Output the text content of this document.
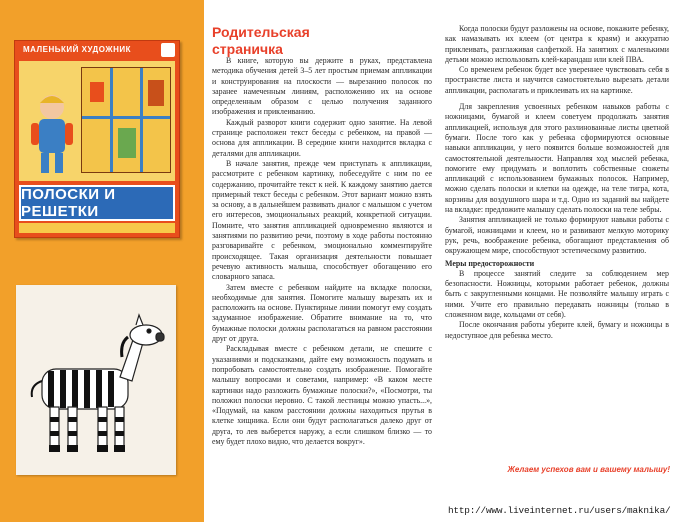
МАЛЕНЬКИЙ ХУДОЖНИК
ПОЛОСКИ И РЕШЕТКИ
Родительская
страничка

В книге, которую вы держите в руках, представлена методика обучения детей 3–5 лет простым приемам аппликации и конструирования на плоскости — вырезанию полосок по заранее намеченным линиям, расположению их на основе определенным образом с целью получения заданного изображения и приклеиванию.

Каждый разворот книги содержит одно занятие. На левой странице расположен текст беседы с ребенком, на правой — основа для аппликации. В середине книги находится вкладка с деталями для аппликации.

В начале занятия, прежде чем приступать к аппликации, рассмотрите с ребенком картинку, побеседуйте с ним по ее содержанию, прочитайте текст к ней. К каждому занятию дается примерный текст беседы с ребенком. Этот вариант можно взять за основу, а в дальнейшем развивать диалог с малышом с учетом его интересов, эмоциональных реакций, конкретной ситуации. Помните, что занятия аппликацией одновременно являются и занятиями по развитию речи, поэтому в ходе работы постоянно разговаривайте с ребенком, эмоционально комментируйте происходящее. Такая организация деятельности повышает речевую активность малыша, способствует обогащению его словарного запаса.

Затем вместе с ребенком найдите на вкладке полоски, необходимые для занятия. Помогите малышу вырезать их и расположить на основе. Пунктирные линии помогут ему создать задуманное изображение. Обратите внимание на то, что бумажные полоски должны располагаться на равном расстоянии друг от друга.

Раскладывая вместе с ребенком детали, не спешите с указаниями и подсказками, дайте ему возможность подумать и попробовать самостоятельно создать изображение. Помогайте малышу вопросами и советами, например: «В каком месте картинки надо разложить бумажные полоски?», «Посмотри, ты положил полоски неровно. С такой лестницы можно упасть...», «Подумай, на каком расстоянии должны находиться прутья в клетке хищника. Если они будут располагаться далеко друг от друга, то лев выберется наружу, а если слишком близко — то ему будет плохо видно, что делается вокруг».

Когда полоски будут разложены на основе, покажите ребенку, как намазывать их клеем (от центра к краям) и аккуратно приклеивать, разглаживая салфеткой. На занятиях с маленькими детьми можно использовать клей-карандаш или клей ПВА.

Со временем ребенок будет все увереннее чувствовать себя в пространстве листа и научится самостоятельно вырезать детали аппликации, располагать и приклеивать их на картинке.

Для закрепления усвоенных ребенком навыков работы с ножницами, бумагой и клеем советуем продолжать занятия аппликацией, используя для этого разлинованные листы цветной бумаги. После того как у ребенка сформируются основные навыки аппликации, у него появится больше возможностей для самостоятельной деятельности. Направляя ход мыслей ребенка, помогите ему придумать и воплотить собственные сюжеты аппликаций с использованием бумажных полосок. Например, можно сделать полоски и клетки на одежде, на теле тигра, кота, корзины для воздушного шара и т.д. Одно из заданий вы найдете на вкладке: предложите малышу сделать полоски на теле зебры.

Занятия аппликацией не только формируют навыки работы с бумагой, ножницами и клеем, но и развивают мелкую моторику рук, речь, воображение ребенка, обогащают представления об окружающем мире, способствуют эстетическому развитию.

Меры предосторожности

В процессе занятий следите за соблюдением мер безопасности. Ножницы, которыми работает ребенок, должны быть с закругленными концами. Не позволяйте малышу играть с ними. Учите его правильно передавать ножницы (только в сложенном виде, кольцами от себя).

После окончания работы уберите клей, бумагу и ножницы в недоступное для ребенка место.

Желаем успехов вам и вашему малышу!
http://www.liveinternet.ru/users/maknika/
